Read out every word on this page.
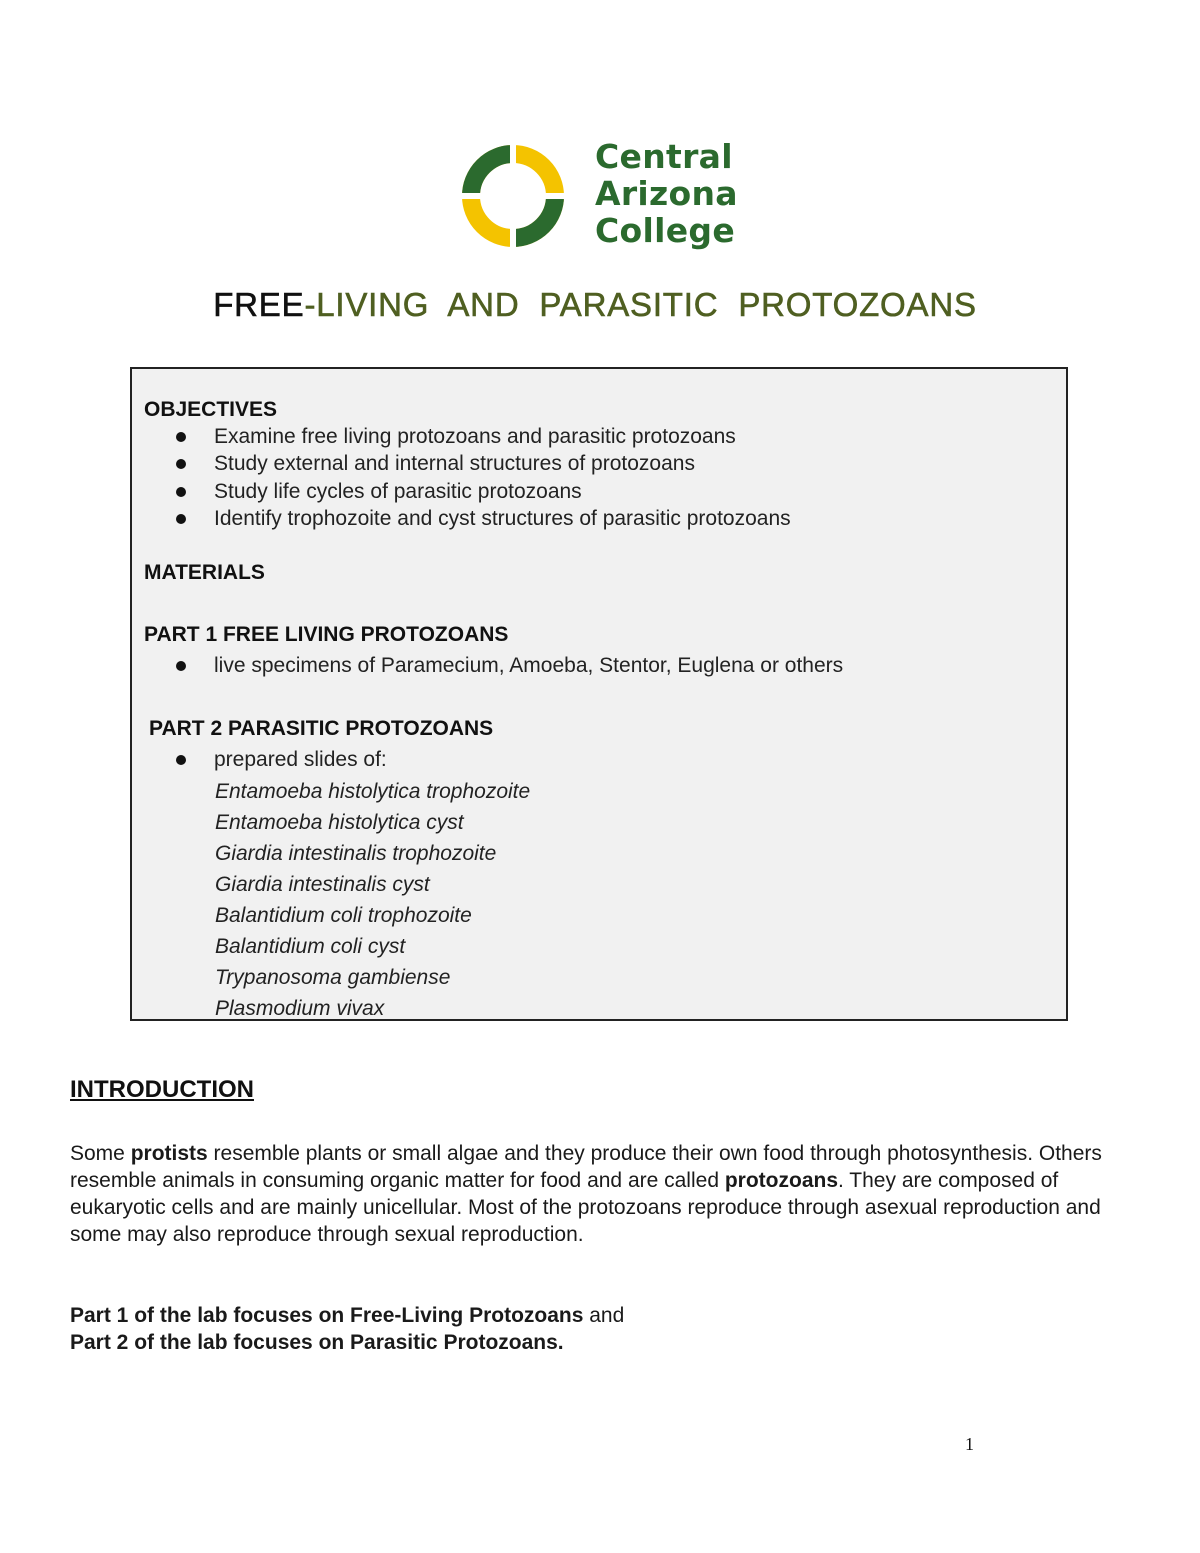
Central
Arizona
College
FREE-LIVING AND PARASITIC PROTOZOANS
OBJECTIVES
Examine free living protozoans and parasitic protozoans
Study external and internal structures of protozoans
Study life cycles of parasitic protozoans
Identify trophozoite and cyst structures of parasitic protozoans
MATERIALS
PART 1 FREE LIVING PROTOZOANS
live specimens of Paramecium, Amoeba, Stentor, Euglena or others
PART 2 PARASITIC PROTOZOANS
prepared slides of:
Entamoeba histolytica trophozoite
Entamoeba histolytica cyst
Giardia intestinalis trophozoite
Giardia intestinalis cyst
Balantidium coli trophozoite
Balantidium coli cyst
Trypanosoma gambiense
Plasmodium vivax
INTRODUCTION

Some protists resemble plants or small algae and they produce their own food through photosynthesis. Others resemble animals in consuming organic matter for food and are called protozoans. They are composed of eukaryotic cells and are mainly unicellular. Most of the protozoans reproduce through asexual reproduction and some may also reproduce through sexual reproduction.

Part 1 of the lab focuses on Free-Living Protozoans and

Part 2 of the lab focuses on Parasitic Protozoans.

1
